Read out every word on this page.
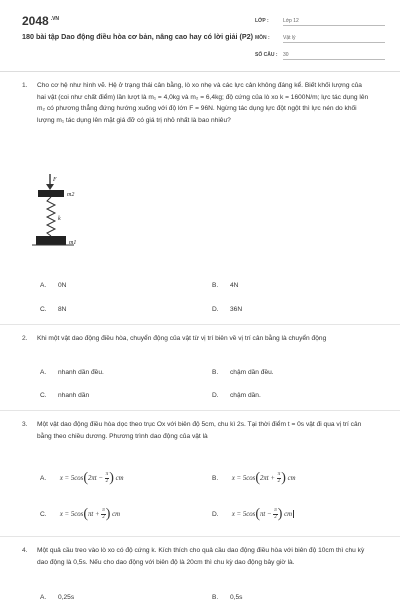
2048 $^{.VN}$
180 bài tập Dao động điều hòa cơ bản, nâng cao hay có lời giải (P2)
LỚP :	Lớp 12
MÔN :	Vật lý
SỐ CÂU : 30
1. Cho cơ hệ như hình vẽ. Hệ ở trạng thái cân bằng, lò xo nhẹ và các lực cản không đáng kể. Biết khối lượng của hai vật (coi như chất điểm) lần lượt là m₁ = 4,0kg và m₂ = 6,4kg; độ cứng của lò xo k = 1600N/m; lực tác dụng lên m₂ có phương thẳng đứng hướng xuống với độ lớn F = 96N. Ngừng tác dụng lực đột ngột thì lực nén do khối lượng m₁ tác dụng lên mặt giá đỡ có giá trị nhỏ nhất là bao nhiêu?
F
m2
k
m1
A. 0N	B. 4N
C. 8N	D. 36N
2. Khi một vật dao động điều hòa, chuyển động của vật từ vị trí biên về vị trí cân bằng là chuyển động
A. nhanh dần đều.	B. chậm dần đều.
C. nhanh dần	D. chậm dần.
3. Một vật dao động điều hòa dọc theo trục Ox với biên độ 5cm, chu kì 2s. Tại thời điểm t = 0s vật đi qua vị trí cân bằng theo chiều dương. Phương trình dao động của vật là
A. $x = 5\cos(2\pi t - \frac{\pi}{2}$ ) cm	B. $x = 5\cos(2\pi t + \frac{\pi}{2}$ ) cm
C. $x = 5\cos(\pi t + \frac{\pi}{2}$ ) cm	D. $x = 5\cos(\pi t - \frac{\pi}{2}$ ) cm
4. Một quả cầu treo vào lò xo có độ cứng k. Kích thích cho quả cầu dao động điều hòa với biên độ 10cm thì chu kỳ dao động là 0,5s. Nếu cho dao động với biên độ là 20cm thì chu kỳ dao động bây giờ là.
A. 0,25s	B. 0,5s
